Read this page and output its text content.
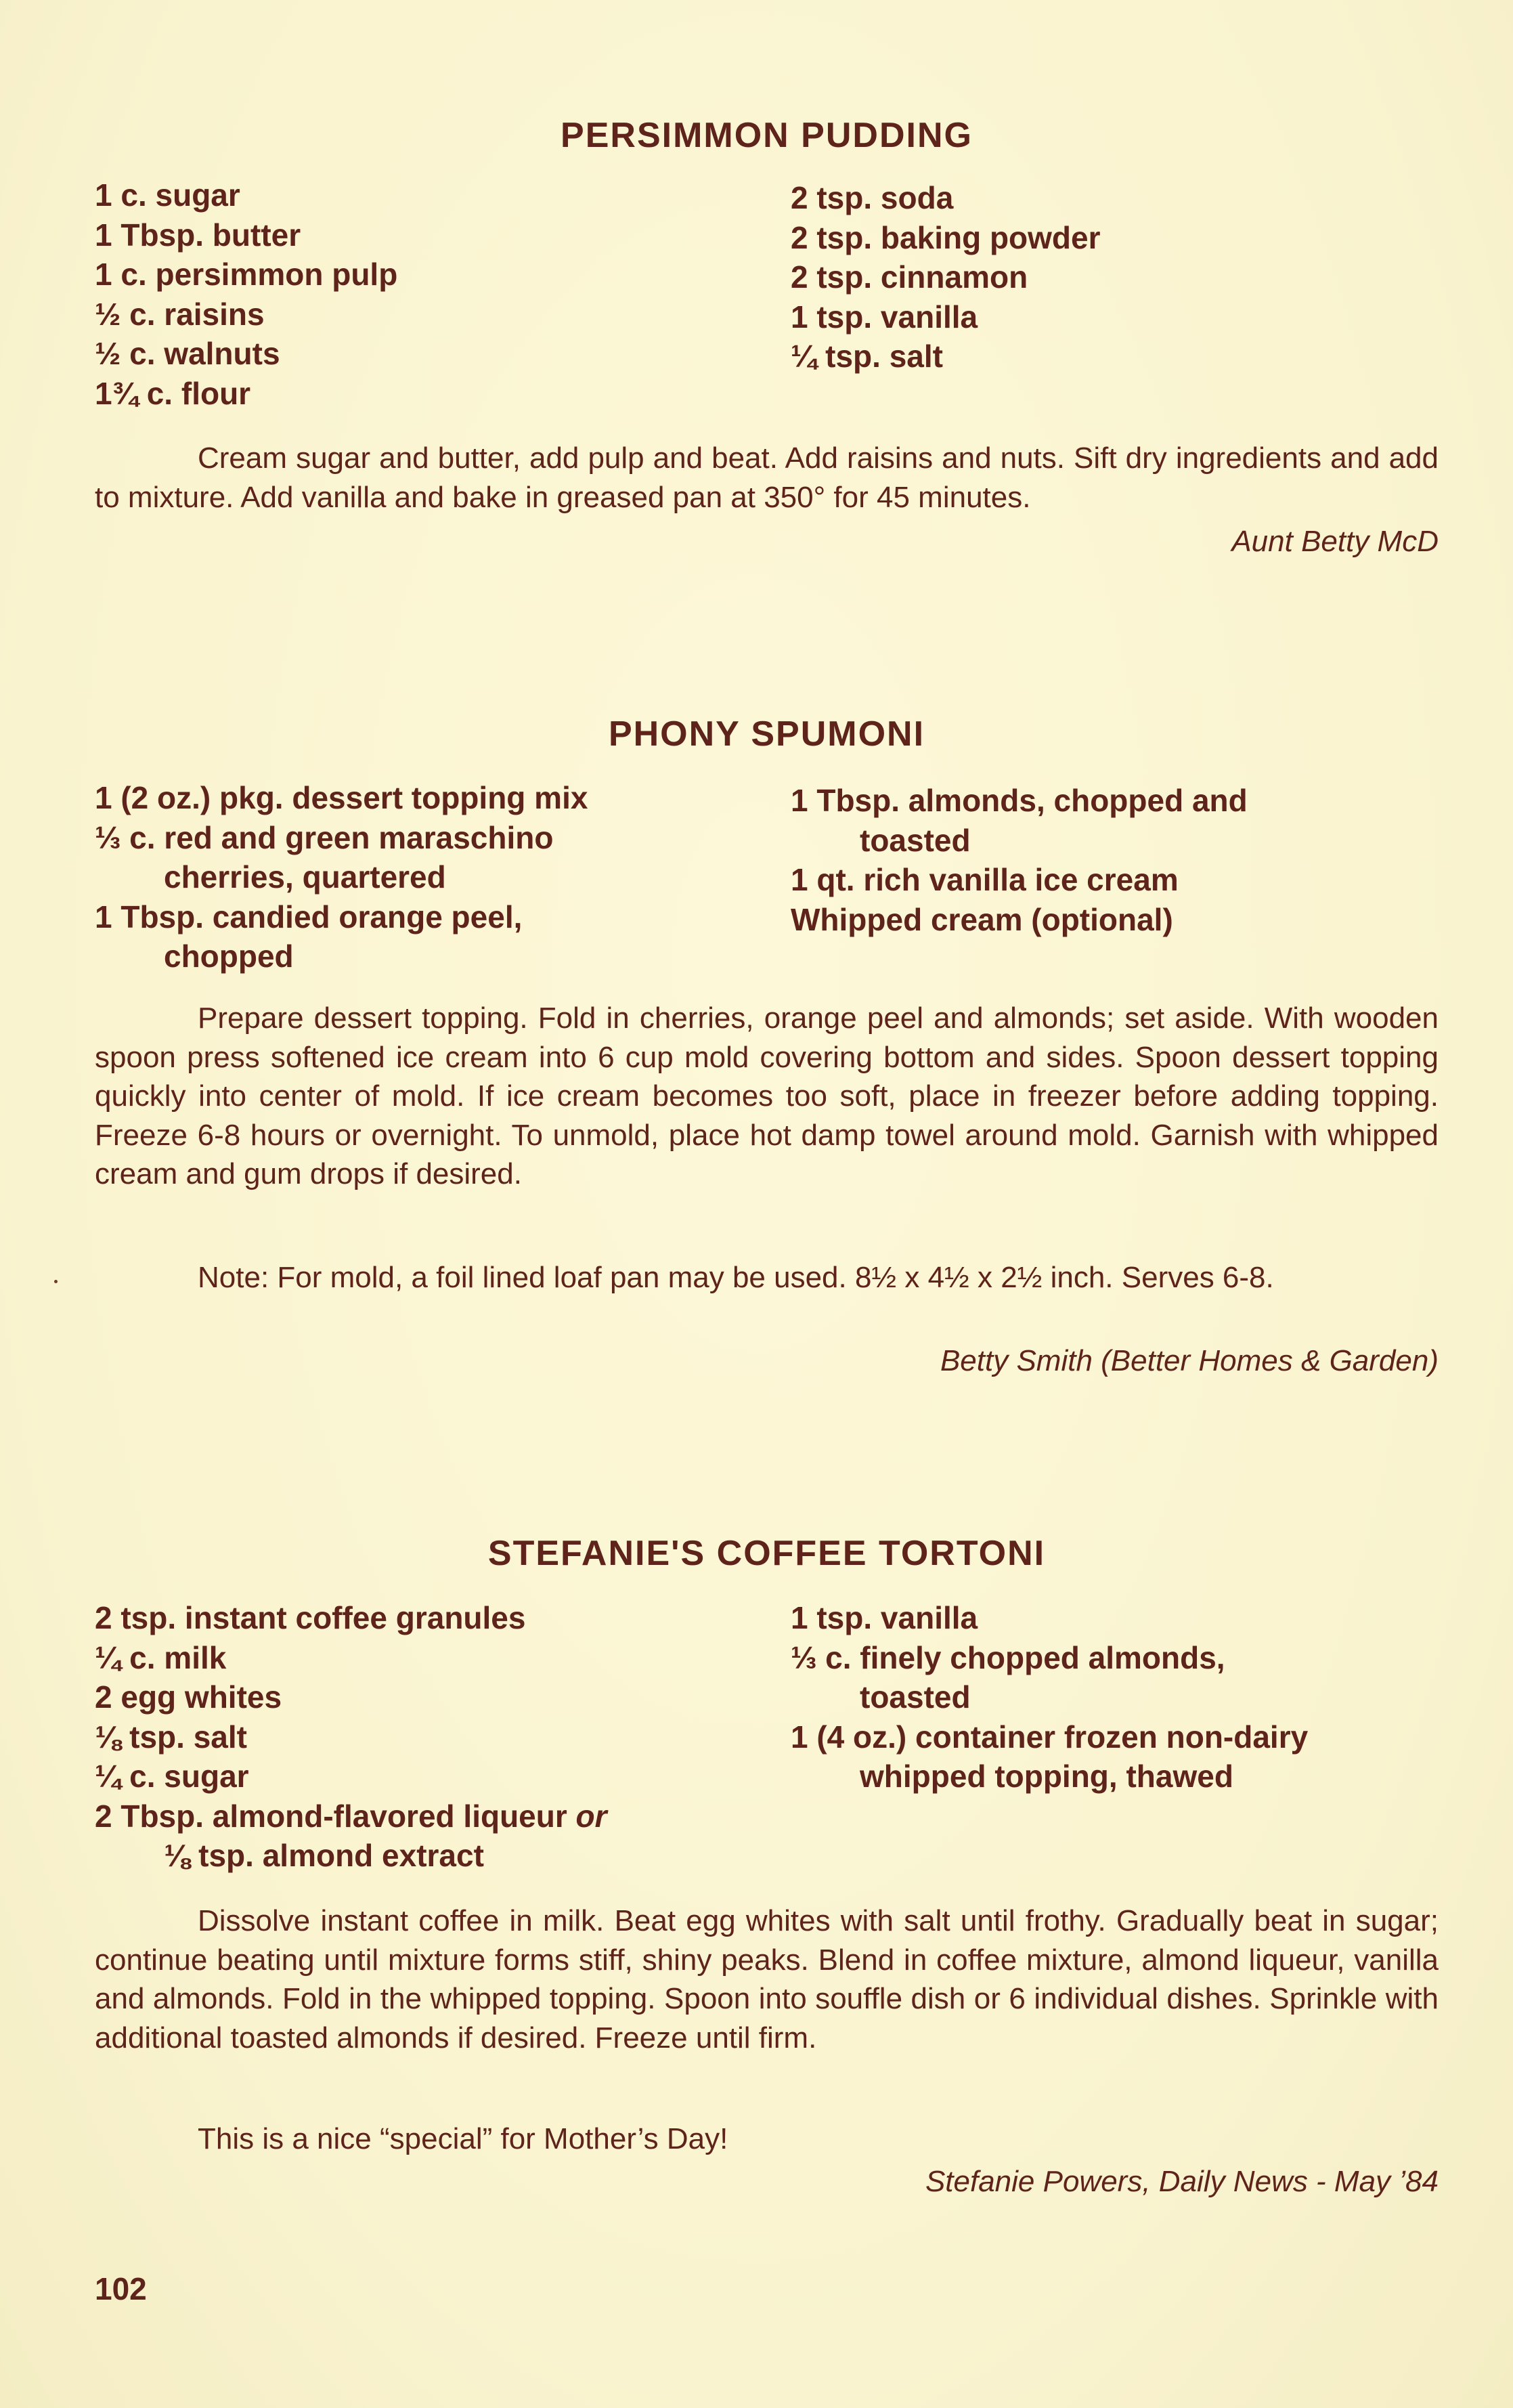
PERSIMMON PUDDING
1 c. sugar
1 Tbsp. butter
1 c. persimmon pulp
½ c. raisins
½ c. walnuts
1¾ c. flour
2 tsp. soda
2 tsp. baking powder
2 tsp. cinnamon
1 tsp. vanilla
¼ tsp. salt

Cream sugar and butter, add pulp and beat. Add raisins and nuts. Sift dry ingredients and add to mixture. Add vanilla and bake in greased pan at 350° for 45 minutes.

Aunt Betty McD
PHONY SPUMONI
1 (2 oz.) pkg. dessert topping mix
⅓ c. red and green maraschino
cherries, quartered
1 Tbsp. candied orange peel,
chopped
1 Tbsp. almonds, chopped and
toasted
1 qt. rich vanilla ice cream
Whipped cream (optional)

Prepare dessert topping. Fold in cherries, orange peel and almonds; set aside. With wooden spoon press softened ice cream into 6 cup mold covering bottom and sides. Spoon dessert topping quickly into center of mold. If ice cream becomes too soft, place in freezer before adding topping. Freeze 6-8 hours or overnight. To unmold, place hot damp towel around mold. Garnish with whipped cream and gum drops if desired.

Note: For mold, a foil lined loaf pan may be used. 8½ x 4½ x 2½ inch. Serves 6-8.

Betty Smith (Better Homes & Garden)
STEFANIE'S COFFEE TORTONI
2 tsp. instant coffee granules
¼ c. milk
2 egg whites
⅛ tsp. salt
¼ c. sugar
2 Tbsp. almond-flavored liqueur or
⅛ tsp. almond extract
1 tsp. vanilla
⅓ c. finely chopped almonds,
toasted
1 (4 oz.) container frozen non-dairy
whipped topping, thawed

Dissolve instant coffee in milk. Beat egg whites with salt until frothy. Gradually beat in sugar; continue beating until mixture forms stiff, shiny peaks. Blend in coffee mixture, almond liqueur, vanilla and almonds. Fold in the whipped topping. Spoon into souffle dish or 6 individual dishes. Sprinkle with additional toasted almonds if desired. Freeze until firm.

This is a nice “special” for Mother’s Day!

Stefanie Powers, Daily News - May ’84
102
